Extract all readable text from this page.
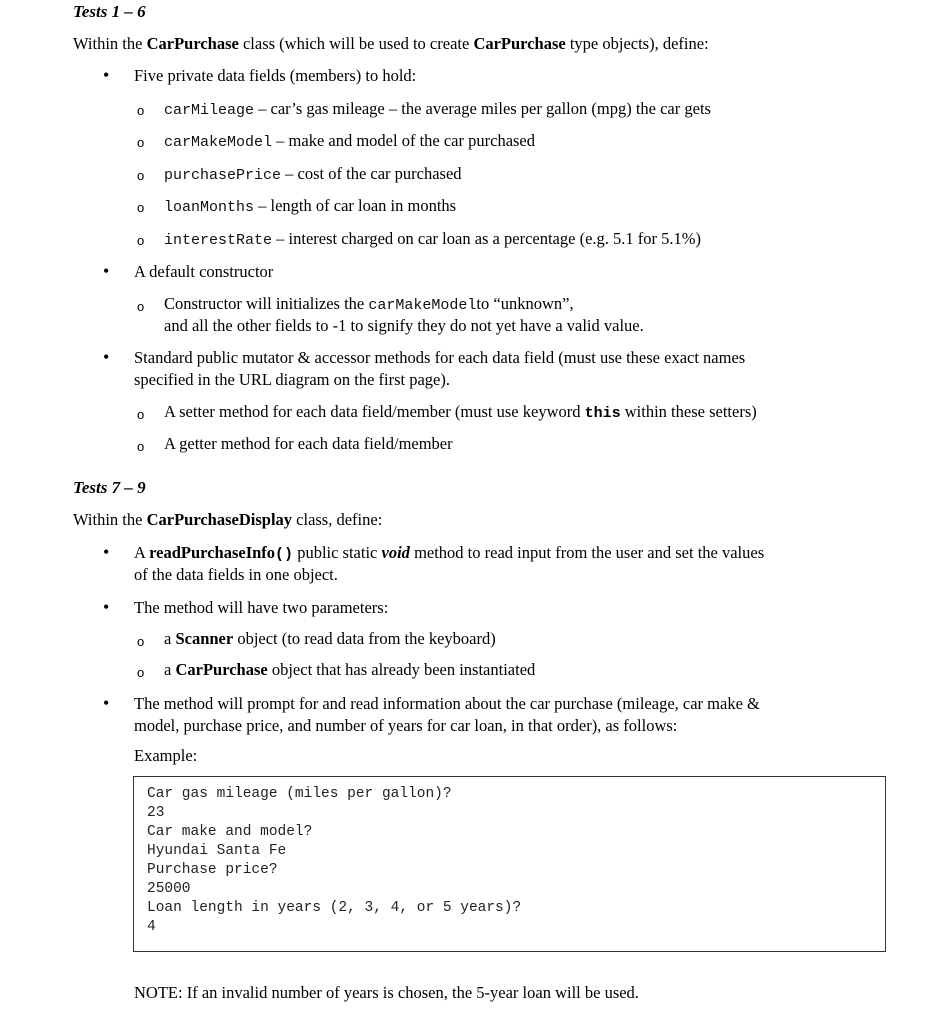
Tests 1 – 6
Within the CarPurchase class (which will be used to create CarPurchase type objects), define:
• Five private data fields (members) to hold:
o carMileage – car’s gas mileage – the average miles per gallon (mpg) the car gets
o carMakeModel – make and model of the car purchased
o purchasePrice – cost of the car purchased
o loanMonths – length of car loan in months
o interestRate – interest charged on car loan as a percentage (e.g. 5.1 for 5.1%)
• A default constructor
o Constructor will initializes the carMakeModelto “unknown”,
and all the other fields to -1 to signify they do not yet have a valid value.
• Standard public mutator & accessor methods for each data field (must use these exact names
specified in the URL diagram on the first page).
o A setter method for each data field/member (must use keyword this within these setters)
o A getter method for each data field/member
Tests 7 – 9
Within the CarPurchaseDisplay class, define:
• A readPurchaseInfo() public static void method to read input from the user and set the values
of the data fields in one object.
• The method will have two parameters:
o a Scanner object (to read data from the keyboard)
o a CarPurchase object that has already been instantiated
• The method will prompt for and read information about the car purchase (mileage, car make &
model, purchase price, and number of years for car loan, in that order), as follows:
Example:
Car gas mileage (miles per gallon)?
23
Car make and model?
Hyundai Santa Fe
Purchase price?
25000
Loan length in years (2, 3, 4, or 5 years)?
4
NOTE: If an invalid number of years is chosen, the 5-year loan will be used.
